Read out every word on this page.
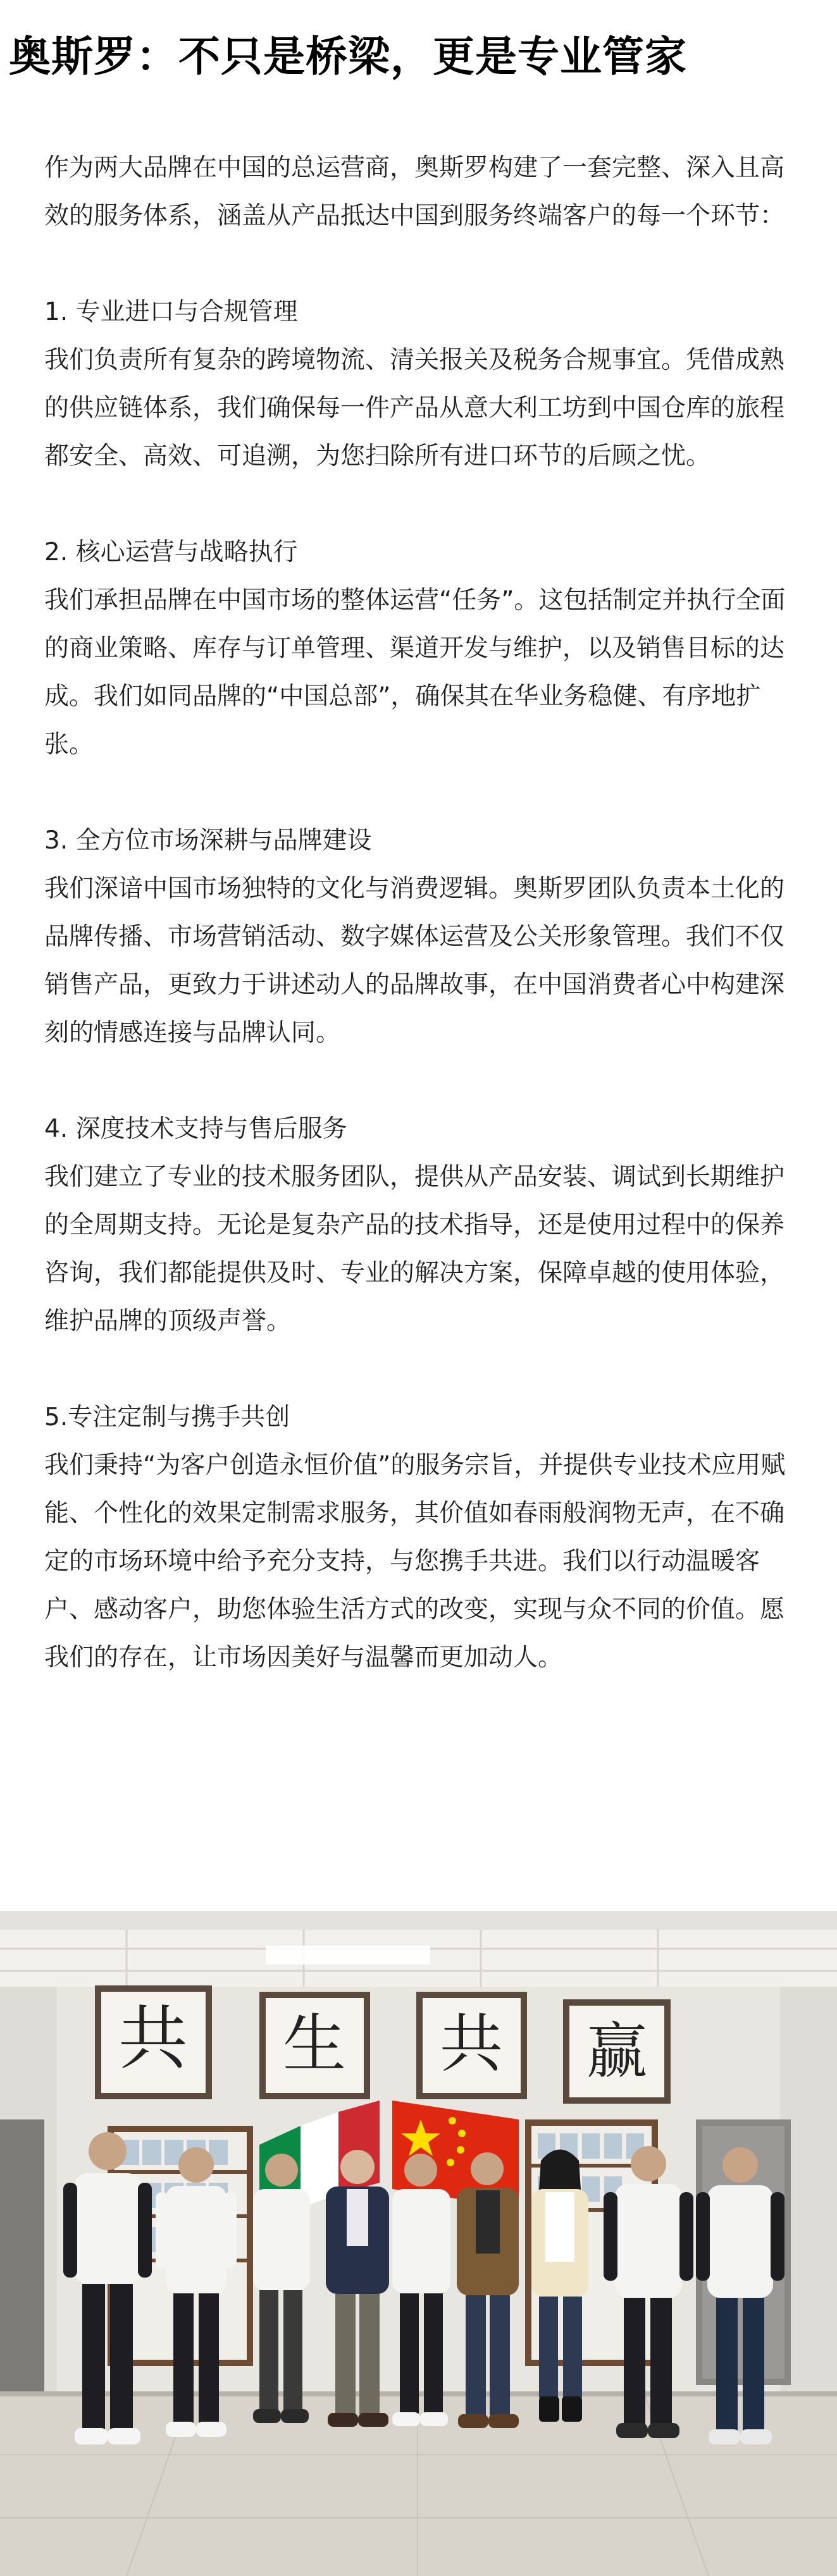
奥斯罗：不只是桥梁，更是专业管家

作为两大品牌在中国的总运营商，奥斯罗构建了一套完整、深入且高效的服务体系，涵盖从产品抵达中国到服务终端客户的每一个环节：

1. 专业进口与合规管理

我们负责所有复杂的跨境物流、清关报关及税务合规事宜。凭借成熟的供应链体系，我们确保每一件产品从意大利工坊到中国仓库的旅程都安全、高效、可追溯，为您扫除所有进口环节的后顾之忧。

2. 核心运营与战略执行

我们承担品牌在中国市场的整体运营“任务”。这包括制定并执行全面的商业策略、库存与订单管理、渠道开发与维护，以及销售目标的达成。我们如同品牌的“中国总部”，确保其在华业务稳健、有序地扩张。

3. 全方位市场深耕与品牌建设

我们深谙中国市场独特的文化与消费逻辑。奥斯罗团队负责本土化的品牌传播、市场营销活动、数字媒体运营及公关形象管理。我们不仅销售产品，更致力于讲述动人的品牌故事，在中国消费者心中构建深刻的情感连接与品牌认同。

4. 深度技术支持与售后服务

我们建立了专业的技术服务团队，提供从产品安装、调试到长期维护的全周期支持。无论是复杂产品的技术指导，还是使用过程中的保养咨询，我们都能提供及时、专业的解决方案，保障卓越的使用体验，维护品牌的顶级声誉。

5.专注定制与携手共创

我们秉持“为客户创造永恒价值”的服务宗旨，并提供专业技术应用赋能、个性化的效果定制需求服务，其价值如春雨般润物无声，在不确定的市场环境中给予充分支持，与您携手共进。我们以行动温暖客户、感动客户，助您体验生活方式的改变，实现与众不同的价值。愿我们的存在，让市场因美好与温馨而更加动人。

共 生 共 赢
